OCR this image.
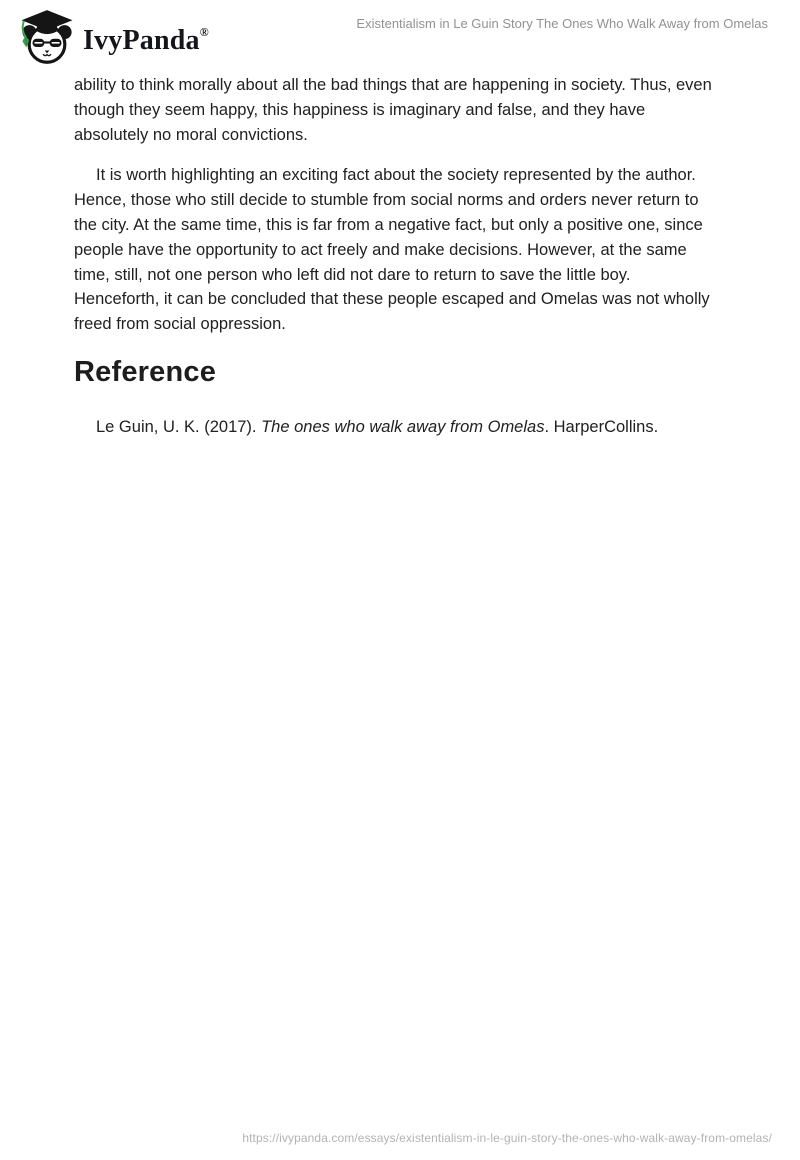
IvyPanda®
Existentialism in Le Guin Story The Ones Who Walk Away from Omelas

ability to think morally about all the bad things that are happening in society. Thus, even
though they seem happy, this happiness is imaginary and false, and they have
absolutely no moral convictions.

It is worth highlighting an exciting fact about the society represented by the author.
Hence, those who still decide to stumble from social norms and orders never return to
the city. At the same time, this is far from a negative fact, but only a positive one, since
people have the opportunity to act freely and make decisions. However, at the same
time, still, not one person who left did not dare to return to save the little boy.
Henceforth, it can be concluded that these people escaped and Omelas was not wholly
freed from social oppression.

Reference

Le Guin, U. K. (2017). The ones who walk away from Omelas. HarperCollins.

https://ivypanda.com/essays/existentialism-in-le-guin-story-the-ones-who-walk-away-from-omelas/
